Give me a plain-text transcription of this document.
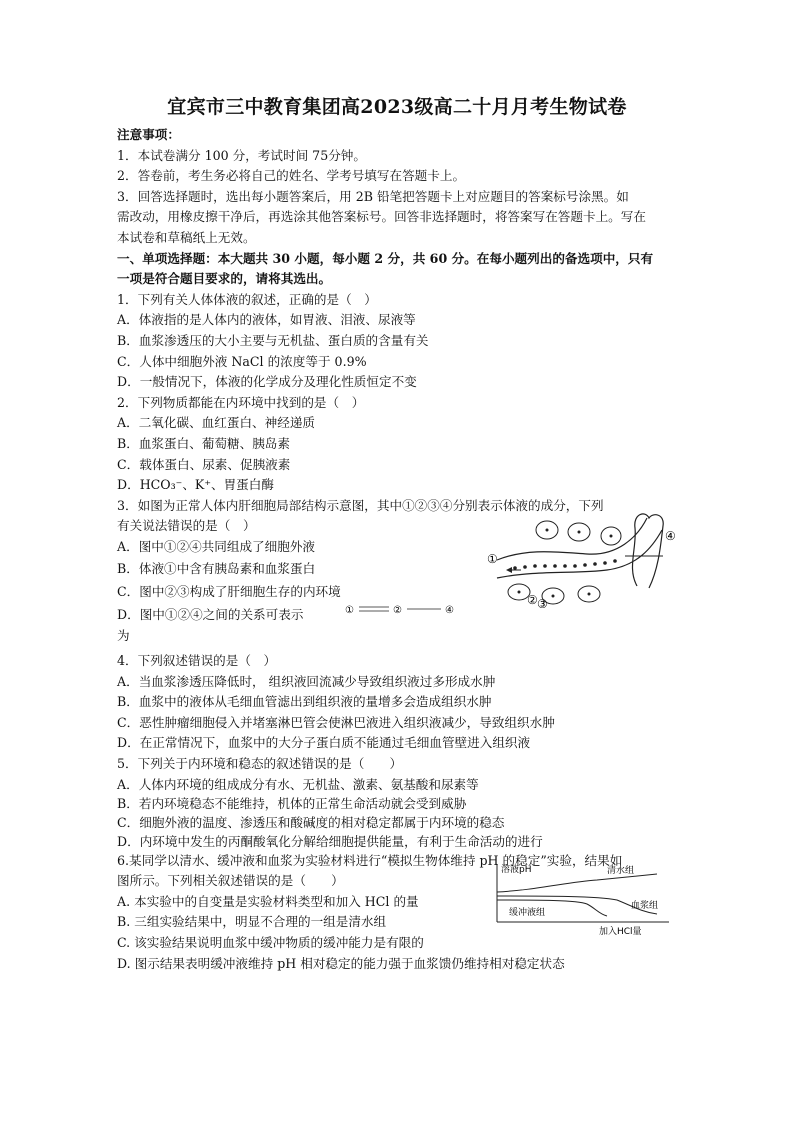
宜宾市三中教育集团高2023级高二十月月考生物试卷
注意事项：
1．本试卷满分 100 分，考试时间 75分钟。
2．答卷前，考生务必将自己的姓名、学考号填写在答题卡上。
3．回答选择题时，选出每小题答案后，用 2B 铅笔把答题卡上对应题目的答案标号涂黑。如
需改动，用橡皮擦干净后，再选涂其他答案标号。回答非选择题时，将答案写在答题卡上。写在
本试卷和草稿纸上无效。
一、单项选择题：本大题共 30 小题，每小题 2 分，共 60 分。在每小题列出的备选项中，只有
一项是符合题目要求的，请将其选出。
1．下列有关人体体液的叙述，正确的是（　）
A．体液指的是人体内的液体，如胃液、泪液、尿液等
B．血浆渗透压的大小主要与无机盐、蛋白质的含量有关
C．人体中细胞外液 NaCl 的浓度等于 0.9%
D．一般情况下，体液的化学成分及理化性质恒定不变
2．下列物质都能在内环境中找到的是（　）
A．二氧化碳、血红蛋白、神经递质
B．血浆蛋白、葡萄糖、胰岛素
C．载体蛋白、尿素、促胰液素
D．HCO₃⁻、K⁺、胃蛋白酶
3．如图为正常人体内肝细胞局部结构示意图，其中①②③④分别表示体液的成分，下列
有关说法错误的是（　）
A．图中①②④共同组成了细胞外液
B．体液①中含有胰岛素和血浆蛋白
C．图中②③构成了肝细胞生存的内环境
D．图中①②④之间的关系可表示
为
4．下列叙述错误的是（　）
A．当血浆渗透压降低时， 组织液回流减少导致组织液过多形成水肿
B．血浆中的液体从毛细血管滤出到组织液的量增多会造成组织水肿
C．恶性肿瘤细胞侵入并堵塞淋巴管会使淋巴液进入组织液减少，导致组织水肿
D．在正常情况下，血浆中的大分子蛋白质不能通过毛细血管壁进入组织液
5．下列关于内环境和稳态的叙述错误的是（　　）
A．人体内环境的组成成分有水、无机盐、激素、氨基酸和尿素等
B．若内环境稳态不能维持，机体的正常生命活动就会受到威胁
C．细胞外液的温度、渗透压和酸碱度的相对稳定都属于内环境的稳态
D．内环境中发生的丙酮酸氧化分解给细胞提供能量，有利于生命活动的进行
6.某同学以清水、缓冲液和血浆为实验材料进行“模拟生物体维持 pH 的稳定”实验，结果如
图所示。下列相关叙述错误的是（　　）
A. 本实验中的自变量是实验材料类型和加入 HCl 的量
B. 三组实验结果中，明显不合理的一组是清水组
C. 该实验结果说明血浆中缓冲物质的缓冲能力是有限的
D. 图示结果表明缓冲液维持 pH 相对稳定的能力强于血浆馈仍维持相对稳定状态
①
② ③
④
①	②	④
溶液pH
加入HCl量
清水组
血浆组
缓冲液组
